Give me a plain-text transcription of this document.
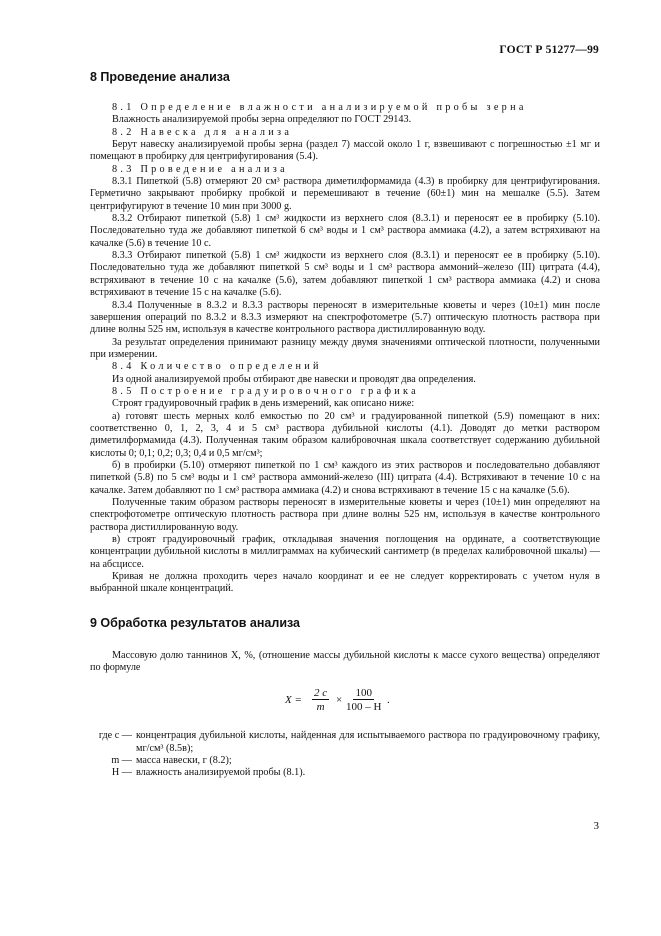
ГОСТ Р 51277—99
8 Проведение анализа

8.1 Определение влажности анализируемой пробы зерна

Влажность анализируемой пробы зерна определяют по ГОСТ 29143.

8.2 Навеска для анализа

Берут навеску анализируемой пробы зерна (раздел 7) массой около 1 г, взвешивают с погрешностью ±1 мг и помещают в пробирку для центрифугирования (5.4).

8.3 Проведение анализа

8.3.1 Пипеткой (5.8) отмеряют 20 см³ раствора диметилформамида (4.3) в пробирку для центрифугирования. Герметично закрывают пробирку пробкой и перемешивают в течение (60±1) мин на мешалке (5.5). Затем центрифугируют в течение 10 мин при 3000 g.

8.3.2 Отбирают пипеткой (5.8) 1 см³ жидкости из верхнего слоя (8.3.1) и переносят ее в пробирку (5.10). Последовательно туда же добавляют пипеткой 6 см³ воды и 1 см³ раствора аммиака (4.2), а затем встряхивают на качалке (5.6) в течение 10 с.

8.3.3 Отбирают пипеткой (5.8) 1 см³ жидкости из верхнего слоя (8.3.1) и переносят ее в пробирку (5.10). Последовательно туда же добавляют пипеткой 5 см³ воды и 1 см³ раствора аммоний–железо (III) цитрата (4.4), встряхивают в течение 10 с на качалке (5.6), затем добавляют пипеткой 1 см³ раствора аммиака (4.2) и снова встряхивают в течение 15 с на качалке (5.6).

8.3.4 Полученные в 8.3.2 и 8.3.3 растворы переносят в измерительные кюветы и через (10±1) мин после завершения операций по 8.3.2 и 8.3.3 измеряют на спектрофотометре (5.7) оптическую плотность раствора при длине волны 525 нм, используя в качестве контрольного раствора дистиллированную воду.

За результат определения принимают разницу между двумя значениями оптической плотности, полученными при измерении.

8.4 Количество определений

Из одной анализируемой пробы отбирают две навески и проводят два определения.

8.5 Построение градуировочного графика

Строят градуировочный график в день измерений, как описано ниже:

а) готовят шесть мерных колб емкостью по 20 см³ и градуированной пипеткой (5.9) помещают в них: соответственно 0, 1, 2, 3, 4 и 5 см³ раствора дубильной кислоты (4.1). Доводят до метки раствором диметилформамида (4.3). Полученная таким образом калибровочная шкала соответствует содержанию дубильной кислоты 0; 0,1; 0,2; 0,3; 0,4 и 0,5 мг/см³;

б) в пробирки (5.10) отмеряют пипеткой по 1 см³ каждого из этих растворов и последовательно добавляют пипеткой (5.8) по 5 см³ воды и 1 см³ раствора аммоний-железо (III) цитрата (4.4). Встряхивают в течение 10 с на качалке. Затем добавляют по 1 см³ раствора аммиака (4.2) и снова встряхивают в течение 15 с на качалке (5.6).

Полученные таким образом растворы переносят в измерительные кюветы и через (10±1) мин определяют на спектрофотометре оптическую плотность раствора при длине волны 525 нм, используя в качестве контрольного раствора дистиллированную воду.

в) строят градуировочный график, откладывая значения поглощения на ординате, а соответствующие концентрации дубильной кислоты в миллиграммах на кубический сантиметр (в пределах калибровочной шкалы) — на абсциссе.

Кривая не должна проходить через начало координат и ее не следует корректировать с учетом нуля в выбранной шкале концентраций.

9 Обработка результатов анализа

Массовую долю таннинов X, %, (отношение массы дубильной кислоты к массе сухого вещества) определяют по формуле

$X = \frac{2 c}{m} \times \frac{100}{100 - H}$ .
где c — концентрация дубильной кислоты, найденная для испытываемого раствора по градуировочному графику, мг/см³ (8.5в);
m — масса навески, г (8.2);
H — влажность анализируемой пробы (8.1).
3
